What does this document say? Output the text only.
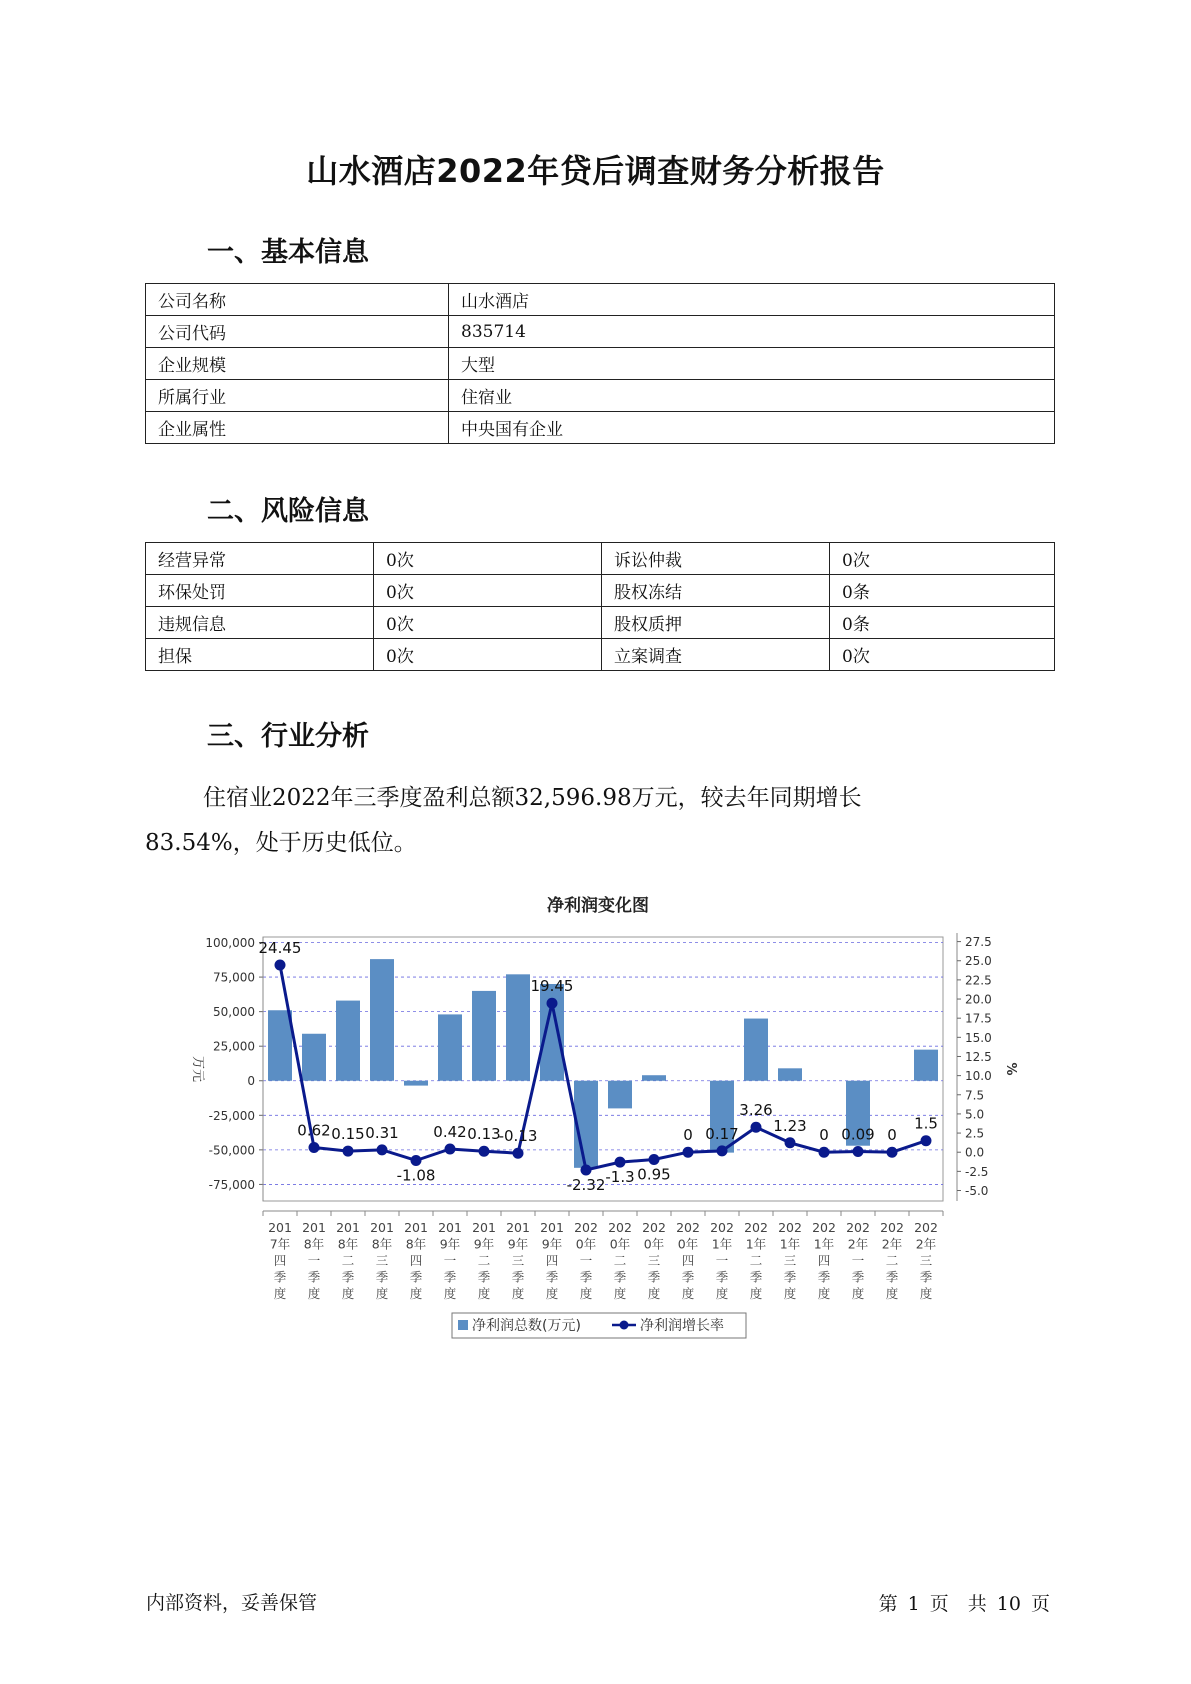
山水酒店2022年贷后调查财务分析报告
一、基本信息
公司名称	山水酒店
公司代码	835714
企业规模	大型
所属行业	住宿业
企业属性	中央国有企业
二、风险信息
经营异常	0次	诉讼仲裁	0次
环保处罚	0次	股权冻结	0条
违规信息	0次	股权质押	0条
担保	0次	立案调查	0次
三、行业分析
住宿业2022年三季度盈利总额32,596.98万元，较去年同期增长
83.54%，处于历史低位。
净利润变化图
100,000
75,000
50,000
25,000
0
-25,000
-50,000
-75,000
27.5
25.0
22.5
20.0
17.5
15.0
12.5
10.0
7.5
5.0
2.5
0.0
-2.5
-5.0
万元	%
24.45
0.62 0.15 0.31
-1.08
0.42 0.13
-0.13
19.45
-2.32 -1.3 0.95
0 0.17
3.26
1.23
0 0.09 0
1.5
201
7年
四
季
度
201
8年
一
季
度
201
8年
二
季
度
201
8年
三
季
度
201
8年
四
季
度
201
9年
一
季
度
201
9年
二
季
度
201
9年
三
季
度
201
9年
四
季
度
202
0年
一
季
度
202
0年
二
季
度
202
0年
三
季
度
202
0年
四
季
度
202
1年
一
季
度
202
1年
二
季
度
202
1年
三
季
度
202
1年
四
季
度
202
2年
一
季
度
202
2年
二
季
度
202
2年
三
季
度
净利润总数(万元)	净利润增长率
内部资料，妥善保管	第 1 页 共 10 页
